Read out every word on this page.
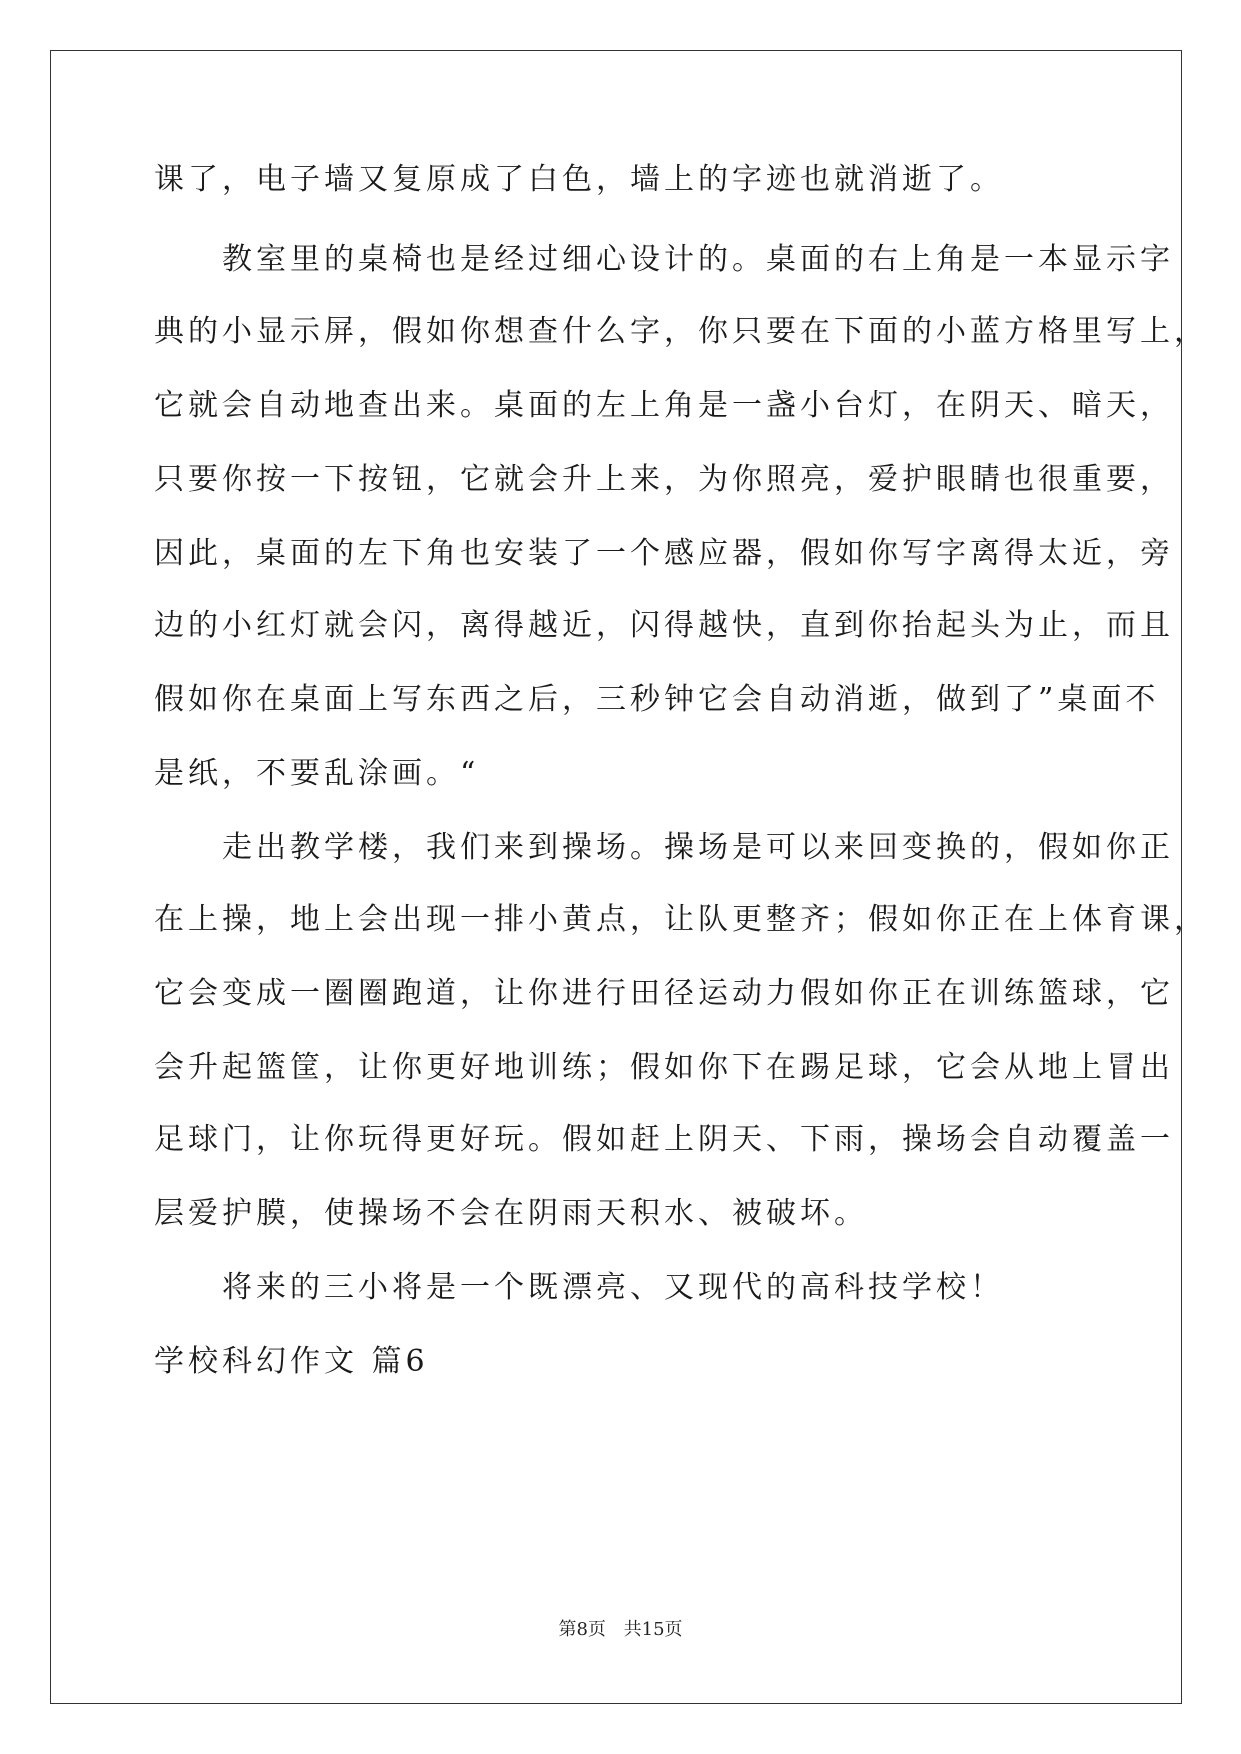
课了，电子墙又复原成了白色，墙上的字迹也就消逝了。
　　教室里的桌椅也是经过细心设计的。桌面的右上角是一本显示字
典的小显示屏，假如你想查什么字，你只要在下面的小蓝方格里写上，
它就会自动地查出来。桌面的左上角是一盏小台灯，在阴天、暗天，
只要你按一下按钮，它就会升上来，为你照亮，爱护眼睛也很重要，
因此，桌面的左下角也安装了一个感应器，假如你写字离得太近，旁
边的小红灯就会闪，离得越近，闪得越快，直到你抬起头为止，而且
假如你在桌面上写东西之后，三秒钟它会自动消逝，做到了”桌面不
是纸，不要乱涂画。“
　　走出教学楼，我们来到操场。操场是可以来回变换的，假如你正
在上操，地上会出现一排小黄点，让队更整齐；假如你正在上体育课，
它会变成一圈圈跑道，让你进行田径运动力假如你正在训练篮球，它
会升起篮筐，让你更好地训练；假如你下在踢足球，它会从地上冒出
足球门，让你玩得更好玩。假如赶上阴天、下雨，操场会自动覆盖一
层爱护膜，使操场不会在阴雨天积水、被破坏。
　　将来的三小将是一个既漂亮、又现代的高科技学校！
学校科幻作文 篇6
第8页 共15页
